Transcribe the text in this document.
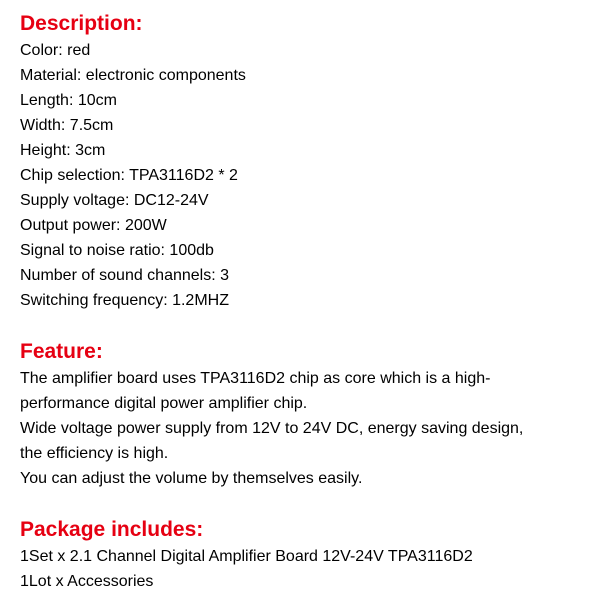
Description:
Color: red
Material: electronic components
Length: 10cm
Width: 7.5cm
Height: 3cm
Chip selection: TPA3116D2 * 2
Supply voltage: DC12-24V
Output power: 200W
Signal to noise ratio: 100db
Number of sound channels: 3
Switching frequency: 1.2MHZ
Feature:
The amplifier board uses TPA3116D2 chip as core which is a high-
performance digital power amplifier chip.
Wide voltage power supply from 12V to 24V DC, energy saving design,
the efficiency is high.
You can adjust the volume by themselves easily.
Package includes:
1Set x 2.1 Channel Digital Amplifier Board 12V-24V TPA3116D2
1Lot x Accessories
